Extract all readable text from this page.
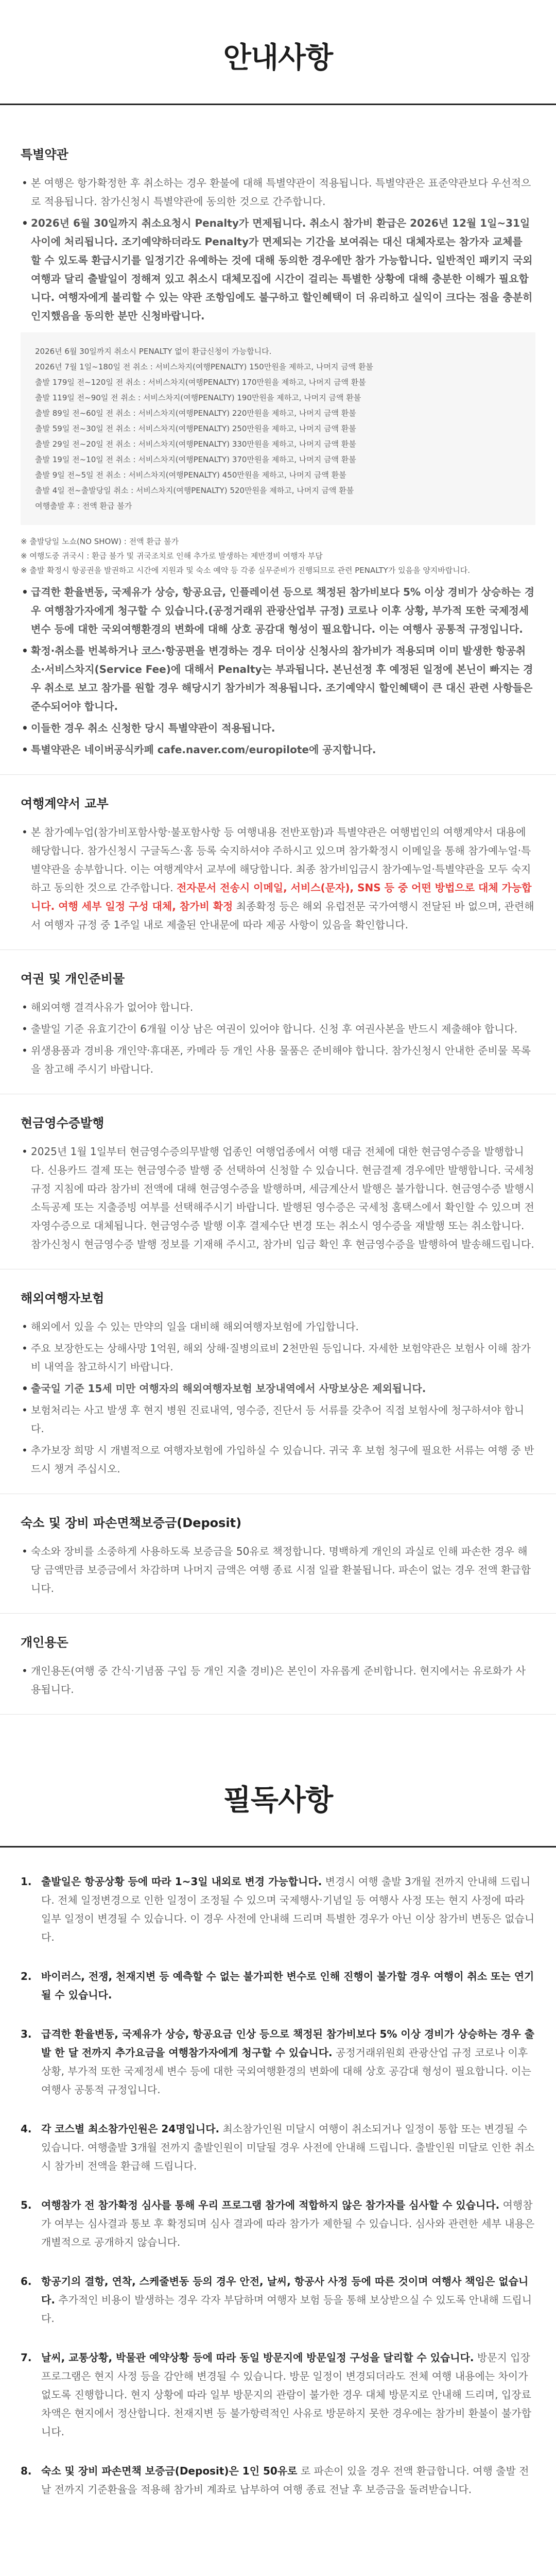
안내사항
특별약관
• 본 여행은 항가확정한 후 취소하는 경우 환불에 대해 특별약관이 적용됩니다. 특별약관은 표준약관보다 우선적으로 적용됩니다. 참가신청시 특별약관에 동의한 것으로 간주합니다.
• 2026년 6월 30일까지 취소요청시 Penalty가 면제됩니다. 취소시 참가비 환급은 2026년 12월 1일~31일 사이에 처리됩니다. 조기예약하더라도 Penalty가 면제되는 기간을 보여줘는 대신 대체자로는 참가자 교체를 할 수 있도록 환급시기를 일정기간 유예하는 것에 대해 동의한 경우에만 참가 가능합니다. 일반적인 패키지 국외여행과 달리 출발일이 정해져 있고 취소시 대체모집에 시간이 걸리는 특별한 상황에 대해 충분한 이해가 필요합니다. 여행자에게 불리할 수 있는 약관 조항임에도 불구하고 할인혜택이 더 유리하고 실익이 크다는 점을 충분히 인지했음을 동의한 분만 신청바랍니다.
2026년 6월 30일까지 취소시 PENALTY 없이 환급신청이 가능합니다.
2026년 7월 1일~180일 전 취소 : 서비스차지(여행PENALTY) 150만원을 제하고, 나머지 금액 환불
출발 179일 전~120일 전 취소 : 서비스차지(여행PENALTY) 170만원을 제하고, 나머지 금액 환불
출발 119일 전~90일 전 취소 : 서비스차지(여행PENALTY) 190만원을 제하고, 나머지 금액 환불
출발 89일 전~60일 전 취소 : 서비스차지(여행PENALTY) 220만원을 제하고, 나머지 금액 환불
출발 59일 전~30일 전 취소 : 서비스차지(여행PENALTY) 250만원을 제하고, 나머지 금액 환불
출발 29일 전~20일 전 취소 : 서비스차지(여행PENALTY) 330만원을 제하고, 나머지 금액 환불
출발 19일 전~10일 전 취소 : 서비스차지(여행PENALTY) 370만원을 제하고, 나머지 금액 환불
출발 9일 전~5일 전 취소 : 서비스차지(여행PENALTY) 450만원을 제하고, 나머지 금액 환불
출발 4일 전~출발당일 취소 : 서비스차지(여행PENALTY) 520만원을 제하고, 나머지 금액 환불
여행출발 후 : 전액 환급 불가
※ 출발당일 노쇼(NO SHOW) : 전액 환급 불가
※ 여행도중 귀국시 : 환급 불가 및 귀국조치로 인해 추가로 발생하는 제반경비 여행자 부담
※ 출발 확정시 항공권을 발권하고 시간에 지원과 및 숙소 예약 등 각종 실무준비가 진행되므로 관련 PENALTY가 있음을 양지바랍니다.
• 급격한 환율변동, 국제유가 상승, 항공요금, 인플레이션 등으로 책정된 참가비보다 5% 이상 경비가 상승하는 경우 여행참가자에게 청구할 수 있습니다.(공정거래위 관광산업부 규정) 코로나 이후 상황, 부가적 또한 국제정세 변수 등에 대한 국외여행환경의 변화에 대해 상호 공감대 형성이 필요합니다. 이는 여행사 공통적 규정입니다.
• 확정·취소를 번복하거나 코스·항공편을 변경하는 경우 더이상 신청사의 참가비가 적용되며 이미 발생한 항공취소·서비스차지(Service Fee)에 대해서 Penalty는 부과됩니다. 본닌선정 후 예정된 일정에 본닌이 빠지는 경우 취소로 보고 참가를 원할 경우 해당시기 참가비가 적용됩니다. 조기예약시 할인혜택이 큰 대신 관련 사항들은 준수되어야 합니다.
• 이들한 경우 취소 신청한 당시 특별약관이 적용됩니다.
• 특별약관은 네이버공식카페 cafe.naver.com/europilote에 공지합니다.
여행계약서 교부
• 본 참가예누업(참가비포함사항·불포함사항 등 여행내용 전반포함)과 특별약관은 여행법인의 여행계약서 대용에 해당합니다. 참가신청시 구글독스·홈 등록 숙지하셔야 주하시고 있으며 참가확정시 이메일을 통해 참가예누얼·특별약관을 송부합니다. 이는 여행계약서 교부에 해당합니다. 최종 참가비입금시 참가예누얼·특별약관을 모두 숙지하고 동의한 것으로 간주합니다. 전자문서 전송시 이메일, 서비스(문자), SNS 등 중 어떤 방법으로 대체 가능합니다. 여행 세부 일정 구성 대체, 참가비 확정 최종확정 등은 해외 유럽전문 국가여행시 전달된 바 없으며, 관련해서 여행자 규정 중 1주일 내로 제출된 안내문에 따라 제공 사항이 있음을 확인합니다.
여권 및 개인준비물
• 해외여행 결격사유가 없어야 합니다.
• 출발일 기준 유효기간이 6개월 이상 남은 여권이 있어야 합니다. 신청 후 여권사본을 반드시 제출해야 합니다.
• 위생용품과 경비용 개인약·휴대폰, 카메라 등 개인 사용 물품은 준비해야 합니다. 참가신청시 안내한 준비물 목록을 참고해 주시기 바랍니다.
현금영수증발행
• 2025년 1월 1일부터 현금영수증의무발행 업종인 여행업종에서 여행 대금 전체에 대한 현금영수증을 발행합니다. 신용카드 결제 또는 현금영수증 발행 중 선택하여 신청할 수 있습니다. 현금결제 경우에만 발행합니다. 국세청 규정 지침에 따라 참가비 전액에 대해 현금영수증을 발행하며, 세금계산서 발행은 불가합니다. 현금영수증 발행시 소득공제 또는 지출증빙 여부를 선택해주시기 바랍니다. 발행된 영수증은 국세청 홈택스에서 확인할 수 있으며 전자영수증으로 대체됩니다. 현금영수증 발행 이후 결제수단 변경 또는 취소시 영수증을 재발행 또는 취소합니다. 참가신청시 현금영수증 발행 정보를 기재해 주시고, 참가비 입금 확인 후 현금영수증을 발행하여 발송해드립니다.
해외여행자보험
• 해외에서 있을 수 있는 만약의 일을 대비해 해외여행자보험에 가입합니다.
• 주요 보장한도는 상해사망 1억원, 해외 상해·질병의료비 2천만원 등입니다. 자세한 보험약관은 보험사 이해 참가비 내역을 참고하시기 바랍니다.
• 출국일 기준 15세 미만 여행자의 해외여행자보험 보장내역에서 사망보상은 제외됩니다.
• 보험처리는 사고 발생 후 현지 병원 진료내역, 영수증, 진단서 등 서류를 갖추어 직접 보험사에 청구하셔야 합니다.
• 추가보장 희망 시 개별적으로 여행자보험에 가입하실 수 있습니다. 귀국 후 보험 청구에 필요한 서류는 여행 중 반드시 챙겨 주십시오.
숙소 및 장비 파손면책보증금(Deposit)
• 숙소와 장비를 소중하게 사용하도록 보증금을 50유로 책정합니다. 명백하게 개인의 과실로 인해 파손한 경우 해당 금액만큼 보증금에서 차감하며 나머지 금액은 여행 종료 시점 일괄 환불됩니다. 파손이 없는 경우 전액 환급합니다.
개인용돈
• 개인용돈(여행 중 간식·기념품 구입 등 개인 지출 경비)은 본인이 자유롭게 준비합니다. 현지에서는 유로화가 사용됩니다.
필독사항
1. 출발일은 항공상황 등에 따라 1~3일 내외로 변경 가능합니다. 변경시 여행 출발 3개월 전까지 안내해 드립니다. 전체 일정변경으로 인한 일정이 조정될 수 있으며 국제행사·기념일 등 여행사 사정 또는 현지 사정에 따라 일부 일정이 변경될 수 있습니다. 이 경우 사전에 안내해 드리며 특별한 경우가 아닌 이상 참가비 변동은 없습니다.
2. 바이러스, 전쟁, 천재지변 등 예측할 수 없는 불가피한 변수로 인해 진행이 불가할 경우 여행이 취소 또는 연기될 수 있습니다.
3. 급격한 환율변동, 국제유가 상승, 항공요금 인상 등으로 책정된 참가비보다 5% 이상 경비가 상승하는 경우 출발 한 달 전까지 추가요금을 여행참가자에게 청구할 수 있습니다. 공정거래위원회 관광산업 규정 코로나 이후 상황, 부가적 또한 국제정세 변수 등에 대한 국외여행환경의 변화에 대해 상호 공감대 형성이 필요합니다. 이는 여행사 공통적 규정입니다.
4. 각 코스별 최소참가인원은 24명입니다. 최소참가인원 미달시 여행이 취소되거나 일정이 통합 또는 변경될 수 있습니다. 여행출발 3개월 전까지 출발인원이 미달될 경우 사전에 안내해 드립니다. 출발인원 미달로 인한 취소시 참가비 전액을 환급해 드립니다.
5. 여행참가 전 참가확정 심사를 통해 우리 프로그램 참가에 적합하지 않은 참가자를 심사할 수 있습니다. 여행참가 여부는 심사결과 통보 후 확정되며 심사 결과에 따라 참가가 제한될 수 있습니다. 심사와 관련한 세부 내용은 개별적으로 공개하지 않습니다.
6. 항공기의 결항, 연착, 스케줄변동 등의 경우 안전, 날씨, 항공사 사정 등에 따른 것이며 여행사 책임은 없습니다. 추가적인 비용이 발생하는 경우 각자 부담하며 여행자 보험 등을 통해 보상받으실 수 있도록 안내해 드립니다.
7. 날씨, 교통상황, 박물관 예약상황 등에 따라 동일 방문지에 방문일정 구성을 달리할 수 있습니다. 방문지 입장 프로그램은 현지 사정 등을 감안해 변경될 수 있습니다. 방문 일정이 변경되더라도 전체 여행 내용에는 차이가 없도록 진행합니다. 현지 상황에 따라 일부 방문지의 관람이 불가한 경우 대체 방문지로 안내해 드리며, 입장료 차액은 현지에서 정산합니다. 천재지변 등 불가항력적인 사유로 방문하지 못한 경우에는 참가비 환불이 불가합니다.
8. 숙소 및 장비 파손면책 보증금(Deposit)은 1인 50유로 로 파손이 있을 경우 전액 환급합니다. 여행 출발 전날 전까지 기준환율을 적용해 참가비 계좌로 납부하여 여행 종료 전날 후 보증금을 돌려받습니다.
